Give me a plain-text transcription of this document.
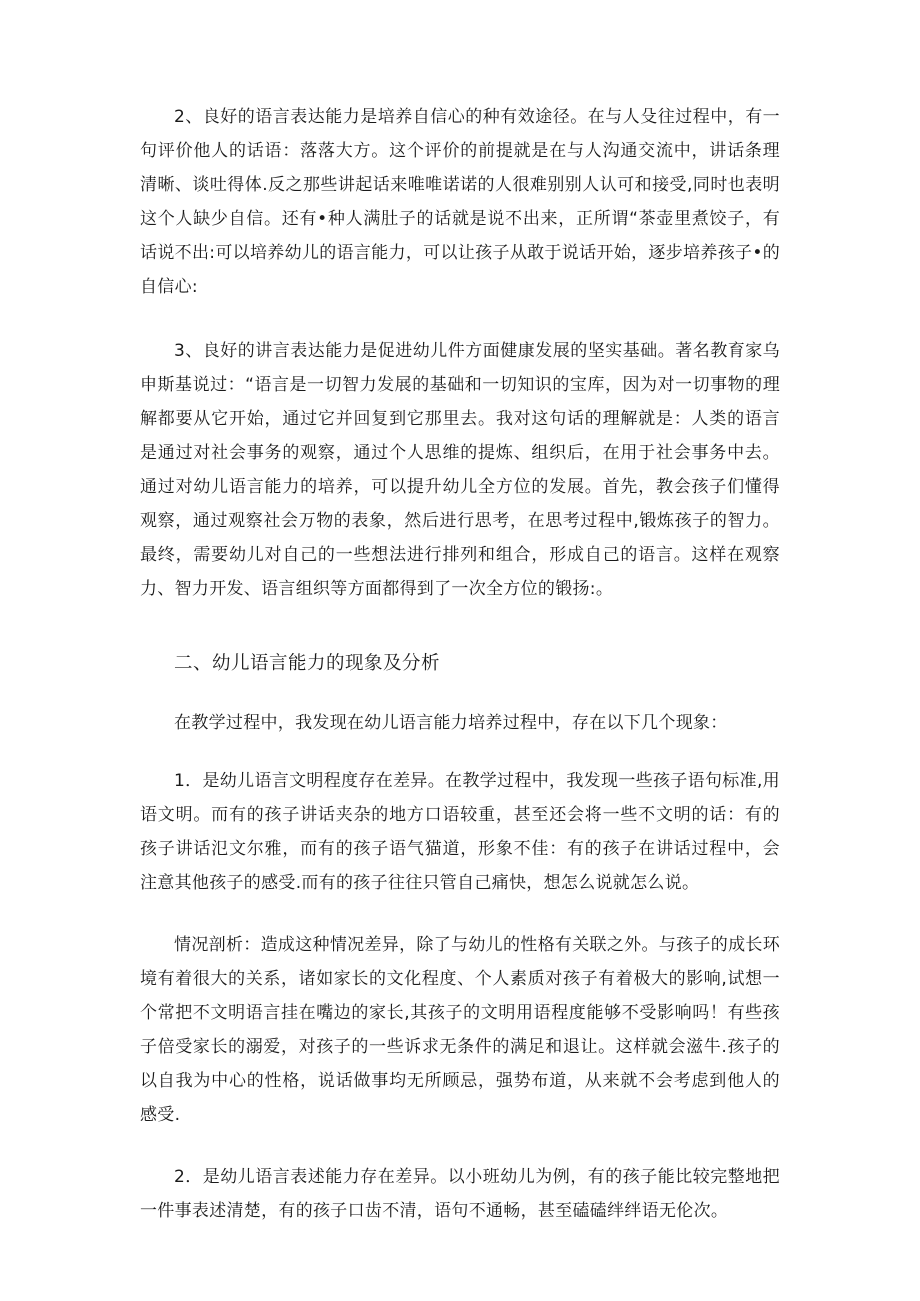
2、良好的语言表达能力是培养自信心的种有效途径。在与人殳往过程中，有一句评价他人的话语：落落大方。这个评价的前提就是在与人沟通交流中，讲话条理清晰、谈吐得体.反之那些讲起话来唯唯诺诺的人很难别别人认可和接受,同时也表明这个人缺少自信。还有•种人满肚子的话就是说不出来，正所谓“茶壶里煮饺子，有话说不出:可以培养幼儿的语言能力，可以让孩子从敢于说话开始，逐步培养孩子•的自信心:

3、良好的讲言表达能力是促进幼儿件方面健康发展的坚实基础。著名教育家乌申斯基说过：“语言是一切智力发展的基础和一切知识的宝库，因为对一切事物的理解都要从它开始，通过它并回复到它那里去。我对这句话的理解就是：人类的语言是通过对社会事务的观察，通过个人思维的提炼、组织后，在用于社会事务中去。通过对幼儿语言能力的培养，可以提升幼儿全方位的发展。首先，教会孩子们懂得观察，通过观察社会万物的表象，然后进行思考，在思考过程中,锻炼孩子的智力。最终，需要幼儿对自己的一些想法进行排列和组合，形成自己的语言。这样在观察力、智力开发、语言组织等方面都得到了一次全方位的锻扬:。

二、幼儿语言能力的现象及分析

在教学过程中，我发现在幼儿语言能力培养过程中，存在以下几个现象：

1．是幼儿语言文明程度存在差异。在教学过程中，我发现一些孩子语句标准,用语文明。而有的孩子讲话夹杂的地方口语较重，甚至还会将一些不文明的话：有的孩子讲话氾文尔雅，而有的孩子语气猫道，形象不佳：有的孩子在讲话过程中，会注意其他孩子的感受.而有的孩子往往只管自己痛快，想怎么说就怎么说。

情况剖析：造成这种情况差异，除了与幼儿的性格有关联之外。与孩子的成长环境有着很大的关系，诸如家长的文化程度、个人素质对孩子有着极大的影响,试想一个常把不文明语言挂在嘴边的家长,其孩子的文明用语程度能够不受影响吗！有些孩子倍受家长的溺爱，对孩子的一些诉求无条件的满足和退让。这样就会滋牛.孩子的以自我为中心的性格，说话做事均无所顾忌，强势布道，从来就不会考虑到他人的感受.

2．是幼儿语言表述能力存在差异。以小班幼儿为例，有的孩子能比较完整地把一件事表述清楚，有的孩子口齿不清，语句不通畅，甚至磕磕绊绊语无伦次。
